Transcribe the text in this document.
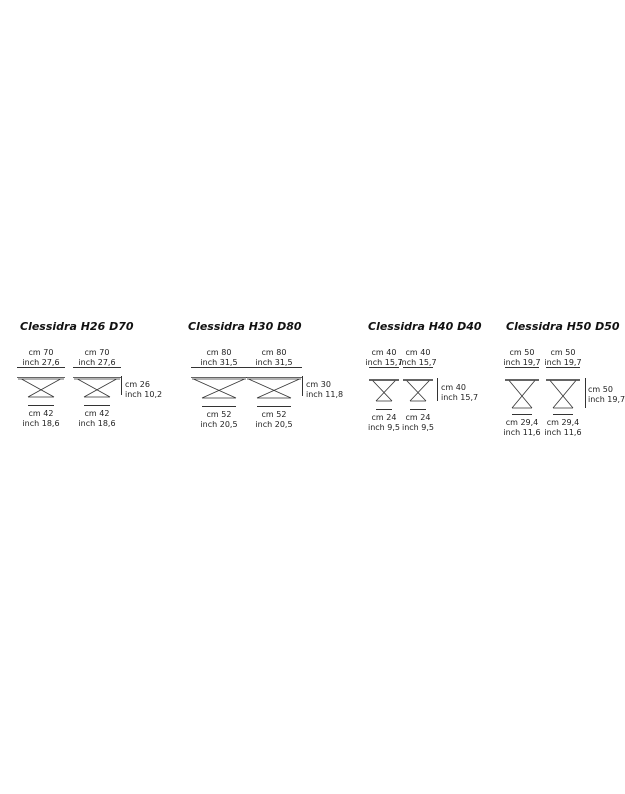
Clessidra H26 D70
cm 70
inch 27,6
cm 42
inch 18,6
cm 70
inch 27,6
cm 42
inch 18,6
cm 26
inch 10,2
Clessidra H30 D80
cm 80
inch 31,5
cm 52
inch 20,5
cm 80
inch 31,5
cm 52
inch 20,5
cm 30
inch 11,8
Clessidra H40 D40
cm 40
inch 15,7
cm 24
inch 9,5
cm 40
inch 15,7
cm 24
inch 9,5
cm 40
inch 15,7
Clessidra H50 D50
cm 50
inch 19,7
cm 29,4
inch 11,6
cm 50
inch 19,7
cm 29,4
inch 11,6
cm 50
inch 19,7
